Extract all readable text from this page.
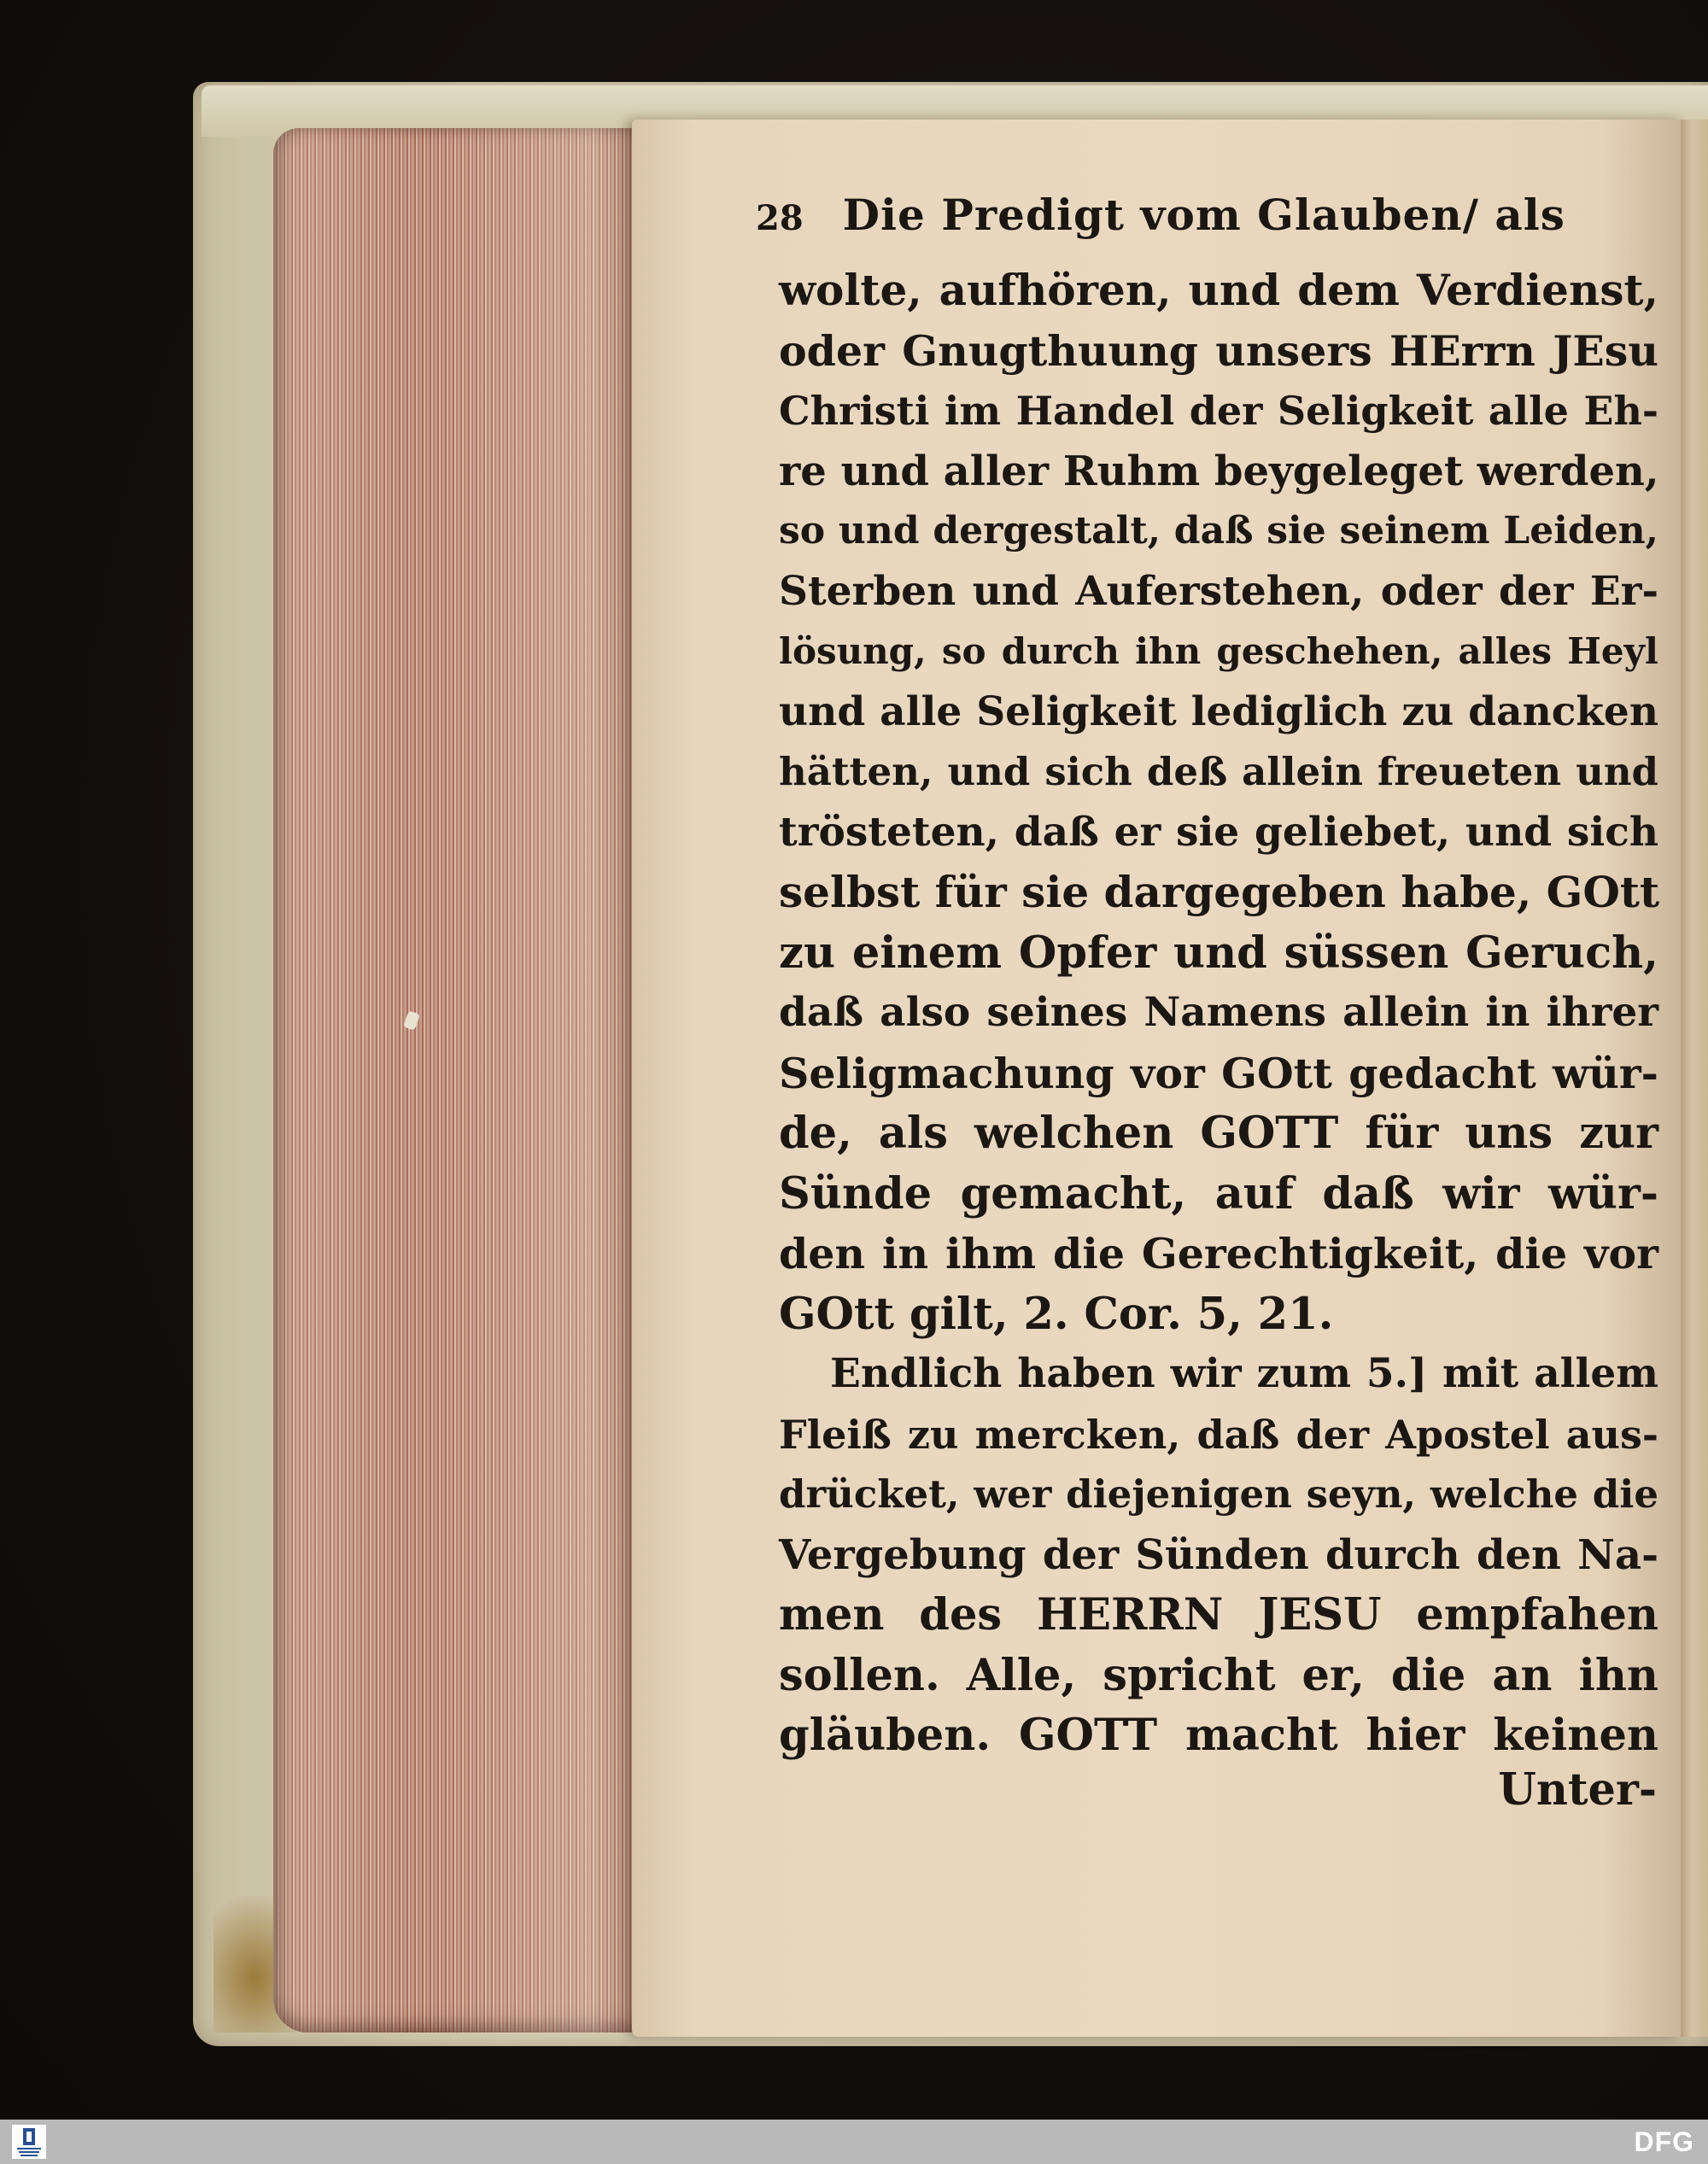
28 Die Predigt vom Glauben/ als
wolte, aufhören, und dem Verdienst,
oder Gnugthuung unsers HErrn JEsu
Christi im Handel der Seligkeit alle Eh-
re und aller Ruhm beygeleget werden,
so und dergestalt, daß sie seinem Leiden,
Sterben und Auferstehen, oder der Er-
lösung, so durch ihn geschehen, alles Heyl
und alle Seligkeit lediglich zu dancken
hätten, und sich deß allein freueten und
trösteten, daß er sie geliebet, und sich
selbst für sie dargegeben habe, GOtt
zu einem Opfer und süssen Geruch,
daß also seines Namens allein in ihrer
Seligmachung vor GOtt gedacht wür-
de, als welchen GOTT für uns zur
Sünde gemacht, auf daß wir wür-
den in ihm die Gerechtigkeit, die vor
GOtt gilt, 2. Cor. 5, 21.
Endlich haben wir zum 5.] mit allem
Fleiß zu mercken, daß der Apostel aus-
drücket, wer diejenigen seyn, welche die
Vergebung der Sünden durch den Na-
men des HERRN JESU empfahen
sollen. Alle, spricht er, die an ihn
gläuben. GOTT macht hier keinen
Unter-
DFG
